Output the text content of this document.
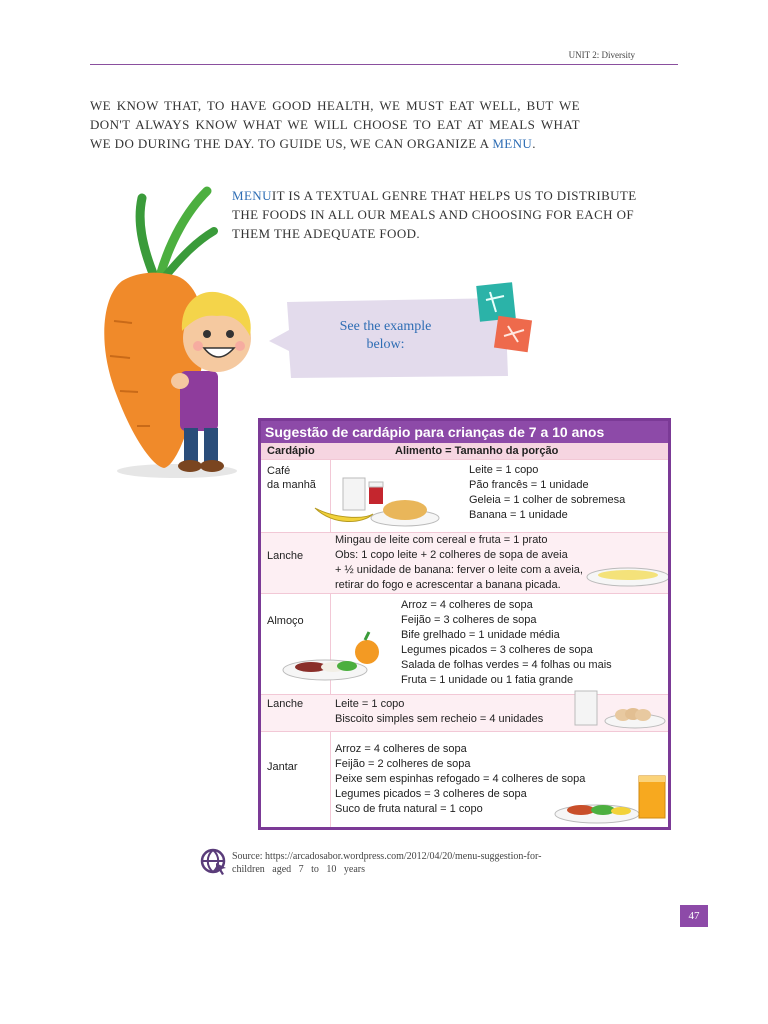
UNIT 2: Diversity
WE KNOW THAT, TO HAVE GOOD HEALTH, WE MUST EAT WELL, BUT WE DON'T ALWAYS KNOW WHAT WE WILL CHOOSE TO EAT AT MEALS WHAT WE DO DURING THE DAY. TO GUIDE US, WE CAN ORGANIZE A MENU.
MENUIT IS A TEXTUAL GENRE THAT HELPS US TO DISTRIBUTE THE FOODS IN ALL OUR MEALS AND CHOOSING FOR EACH OF THEM THE ADEQUATE FOOD.
See the example
below:
Sugestão de cardápio para crianças de 7 a 10 anos
Cardápio	Alimento = Tamanho da porção
Café
da manhã
Leite = 1 copo
Pão francês = 1 unidade
Geleia = 1 colher de sobremesa
Banana = 1 unidade
Lanche
Mingau de leite com cereal e fruta = 1 prato
Obs: 1 copo leite + 2 colheres de sopa de aveia
+ ½ unidade de banana: ferver o leite com a aveia,
retirar do fogo e acrescentar a banana picada.
Almoço
Arroz = 4 colheres de sopa
Feijão = 3 colheres de sopa
Bife grelhado = 1 unidade média
Legumes picados = 3 colheres de sopa
Salada de folhas verdes = 4 folhas ou mais
Fruta = 1 unidade ou 1 fatia grande
Lanche	Leite = 1 copo
Biscoito simples sem recheio = 4 unidades
Jantar
Arroz = 4 colheres de sopa
Feijão = 2 colheres de sopa
Peixe sem espinhas refogado = 4 colheres de sopa
Legumes picados = 3 colheres de sopa
Suco de fruta natural = 1 copo
Source: https://arcadosabor.wordpress.com/2012/04/20/menu-suggestion-for-
children aged 7 to 10 years
47
